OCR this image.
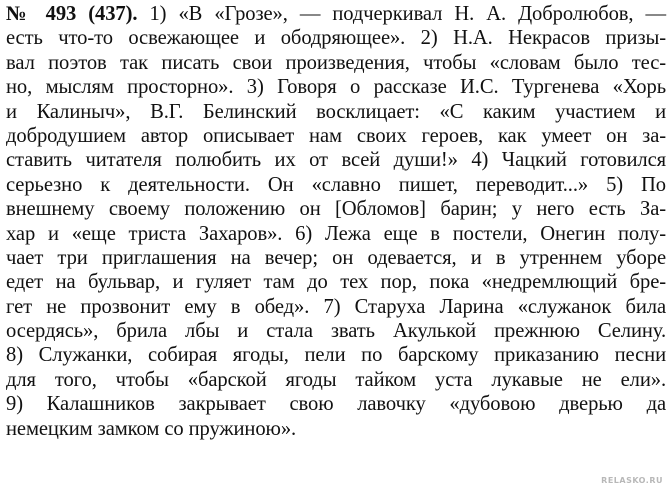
№ 493 (437). 1) «В «Грозе», — подчеркивал Н. А. Добролюбов, —
есть что-то освежающее и ободряющее». 2) Н.А. Некрасов призы-
вал поэтов так писать свои произведения, чтобы «словам было тес-
но, мыслям просторно». 3) Говоря о рассказе И.С. Тургенева «Хорь
и Калиныч», В.Г. Белинский восклицает: «С каким участием и
добродушием автор описывает нам своих героев, как умеет он за-
ставить читателя полюбить их от всей души!» 4) Чацкий готовился
серьезно к деятельности. Он «славно пишет, переводит...» 5) По
внешнему своему положению он [Обломов] барин; у него есть За-
хар и «еще триста Захаров». 6) Лежа еще в постели, Онегин полу-
чает три приглашения на вечер; он одевается, и в утреннем уборе
едет на бульвар, и гуляет там до тех пор, пока «недремлющий бре-
гет не прозвонит ему в обед». 7) Старуха Ларина «служанок била
осердясь», брила лбы и стала звать Акулькой прежнюю Селину.
8) Служанки, собирая ягоды, пели по барскому приказанию песни
для того, чтобы «барской ягоды тайком уста лукавые не ели».
9) Калашников закрывает свою лавочку «дубовою дверью да
немецким замком со пружиною».
RELASKO.RU
